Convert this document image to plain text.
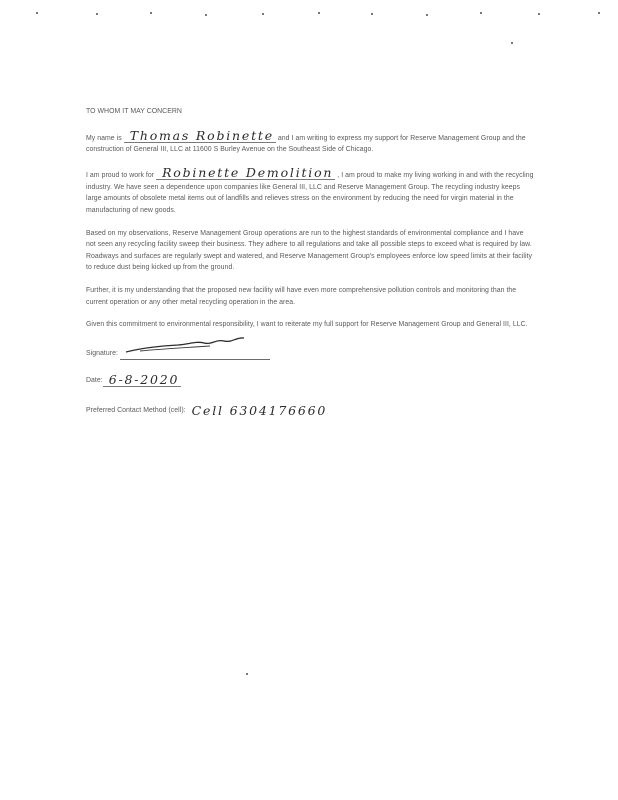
TO WHOM IT MAY CONCERN

My name is Thomas Robinette and I am writing to express my support for Reserve Management Group and the construction of General III, LLC at 11600 S Burley Avenue on the Southeast Side of Chicago.

I am proud to work for Robinette Demolition , I am proud to make my living working in and with the recycling industry. We have seen a dependence upon companies like General III, LLC and Reserve Management Group. The recycling industry keeps large amounts of obsolete metal items out of landfills and relieves stress on the environment by reducing the need for virgin material in the manufacturing of new goods.

Based on my observations, Reserve Management Group operations are run to the highest standards of environmental compliance and I have not seen any recycling facility sweep their business. They adhere to all regulations and take all possible steps to exceed what is required by law. Roadways and surfaces are regularly swept and watered, and Reserve Management Group's employees enforce low speed limits at their facility to reduce dust being kicked up from the ground.

Further, it is my understanding that the proposed new facility will have even more comprehensive pollution controls and monitoring than the current operation or any other metal recycling operation in the area.

Given this commitment to environmental responsibility, I want to reiterate my full support for Reserve Management Group and General III, LLC.

Signature:
Date: 6-8-2020
Preferred Contact Method (cell): Cell 6304176660
